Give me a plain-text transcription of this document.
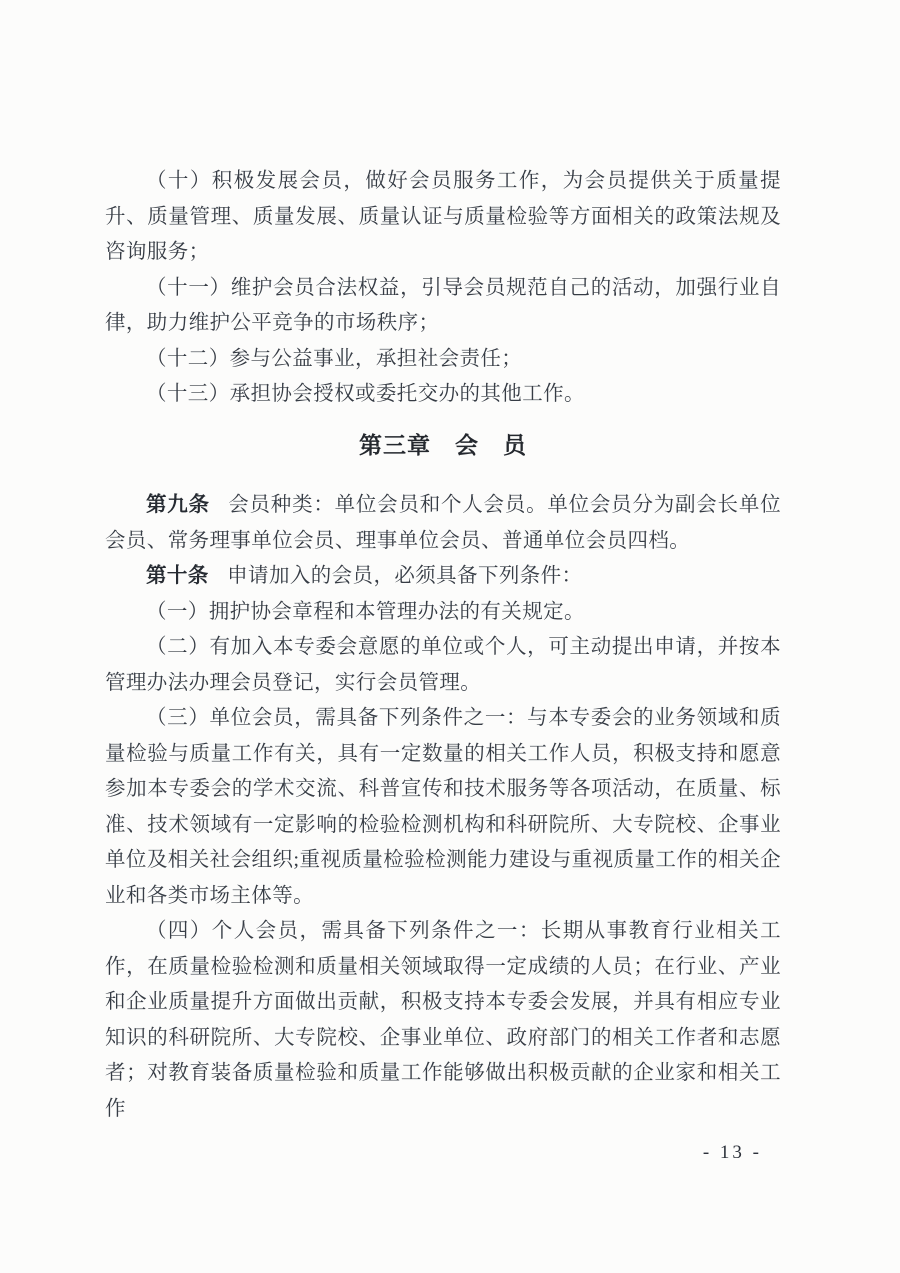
（十）积极发展会员，做好会员服务工作，为会员提供关于质量提升、质量管理、质量发展、质量认证与质量检验等方面相关的政策法规及咨询服务；

（十一）维护会员合法权益，引导会员规范自己的活动，加强行业自律，助力维护公平竞争的市场秩序；

（十二）参与公益事业，承担社会责任；

（十三）承担协会授权或委托交办的其他工作。

第三章　会　员

第九条 会员种类：单位会员和个人会员。单位会员分为副会长单位会员、常务理事单位会员、理事单位会员、普通单位会员四档。

第十条 申请加入的会员，必须具备下列条件：

（一）拥护协会章程和本管理办法的有关规定。

（二）有加入本专委会意愿的单位或个人，可主动提出申请，并按本管理办法办理会员登记，实行会员管理。

（三）单位会员，需具备下列条件之一：与本专委会的业务领域和质量检验与质量工作有关，具有一定数量的相关工作人员，积极支持和愿意参加本专委会的学术交流、科普宣传和技术服务等各项活动，在质量、标准、技术领域有一定影响的检验检测机构和科研院所、大专院校、企事业单位及相关社会组织;重视质量检验检测能力建设与重视质量工作的相关企业和各类市场主体等。

（四）个人会员，需具备下列条件之一：长期从事教育行业相关工作，在质量检验检测和质量相关领域取得一定成绩的人员；在行业、产业和企业质量提升方面做出贡献，积极支持本专委会发展，并具有相应专业知识的科研院所、大专院校、企事业单位、政府部门的相关工作者和志愿者；对教育装备质量检验和质量工作能够做出积极贡献的企业家和相关工作

- 13 -
